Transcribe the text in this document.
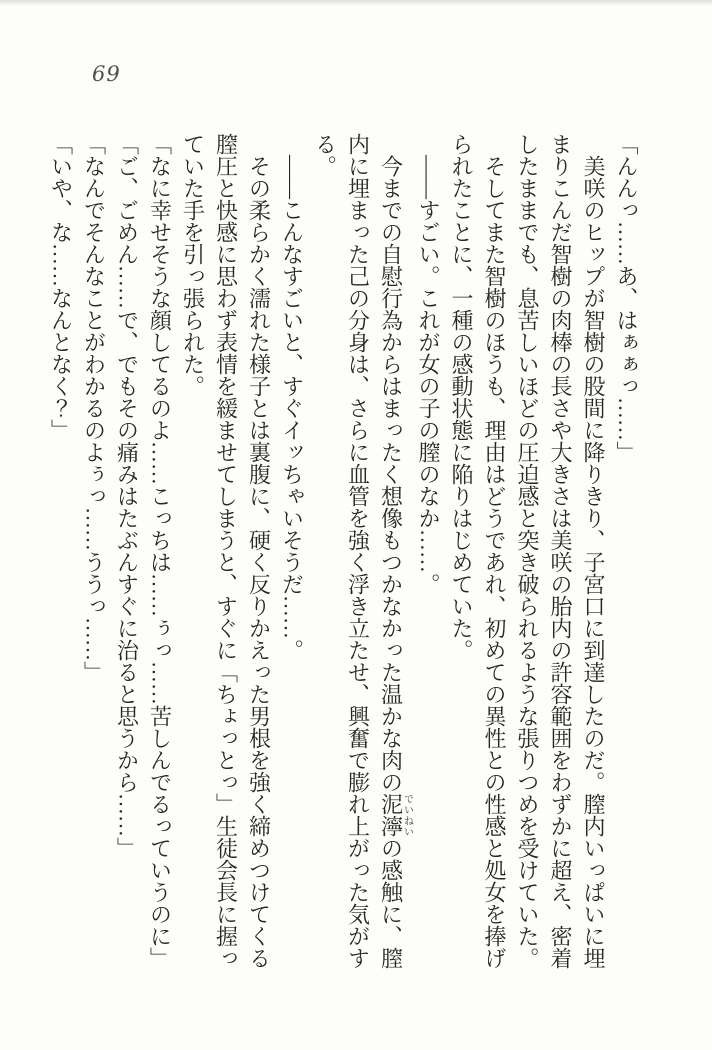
69

「んんっ……あ、はぁぁっ……」

美咲のヒップが智樹の股間に降りきり、子宮口に到達したのだ。膣内いっぱいに埋まりこんだ智樹の肉棒の長さや大きさは美咲の胎内の許容範囲をわずかに超え、密着したままでも、息苦しいほどの圧迫感と突き破られるような張りつめを受けていた。

そしてまた智樹のほうも、理由はどうであれ、初めての異性との性感と処女を捧げられたことに、一種の感動状態に陥りはじめていた。

——すごい。これが女の子の膣のなか……。

今までの自慰行為からはまったく想像もつかなかった温かな肉の泥濘でいねいの感触に、膣内に埋まった己の分身は、さらに血管を強く浮き立たせ、興奮で膨れ上がった気がする。

——こんなすごいと、すぐイッちゃいそうだ……。

その柔らかく濡れた様子とは裏腹に、硬く反りかえった男根を強く締めつけてくる膣圧と快感に思わず表情を緩ませてしまうと、すぐに「ちょっとっ」生徒会長に握っていた手を引っ張られた。

「なに幸せそうな顔してるのよ……こっちは……ぅっ……苦しんでるっていうのに」

「ご、ごめん……で、でもその痛みはたぶんすぐに治ると思うから……」

「なんでそんなことがわかるのよぅっ……ううっ……」

「いや、な……なんとなく？」
